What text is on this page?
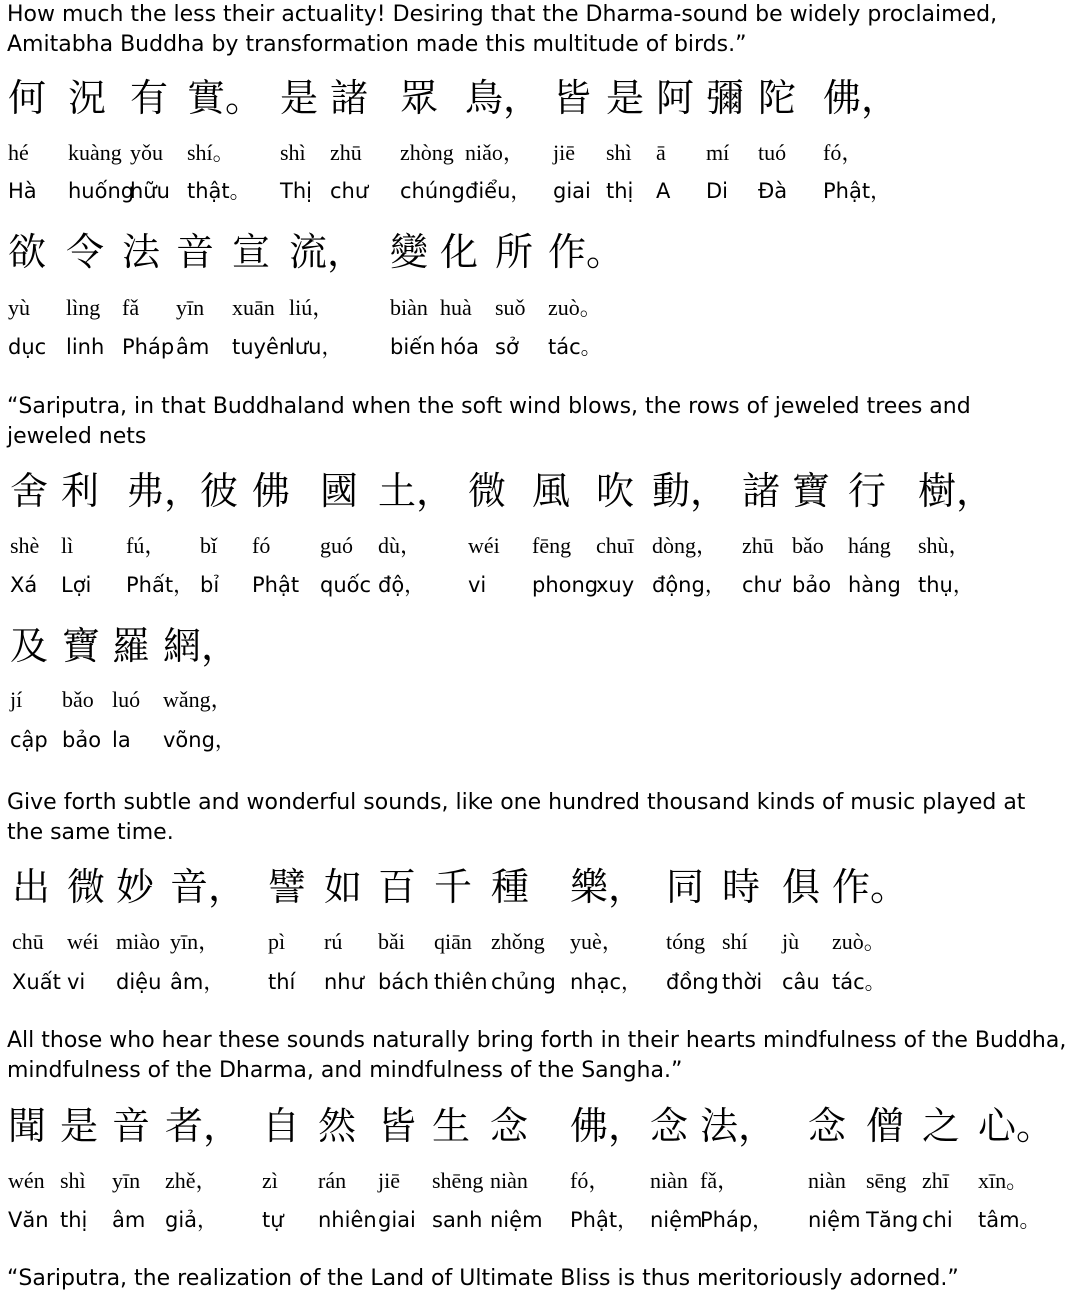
How much the less their actuality! Desiring that the Dharma-sound be widely proclaimed,
Amitabha Buddha by transformation made this multitude of birds.”
何 況 有 實。 是 諸 眾 鳥， 皆 是 阿 彌 陀 佛，
hé kuàng yǒu shí。 shì zhū zhòng niǎo， jiē shì ā mí tuó fó，
Hà huống
hữu thật。 Thị chư chúng điểu， giai thị A Di Đà Phật，
欲 令 法 音 宣 流， 變 化 所 作。
yù lìng fǎ yīn xuān liú，	biàn huà suǒ zuò。
dục linh Pháp âm tuyên
lưu， biến hóa sở tác。
“Sariputra, in that Buddhaland when the soft wind blows, the rows of jeweled trees and
jeweled nets
舍 利 弗，
彼 佛 國 土， 微 風 吹 動， 諸 寶 行 樹，
shè lì fú， bǐ fó guó dù， wéi fēng chuī dòng， zhū bǎo háng shù，
Xá Lợi Phất， bỉ Phật quốc độ， vi phong
xuy động， chư bảo hàng thụ，
及 寶 羅 網，
jí bǎo luó wǎng，
cập bảo la võng，
Give forth subtle and wonderful sounds, like one hundred thousand kinds of music played at
the same time.
出 微 妙 音， 譬 如 百 千 種 樂， 同 時 俱 作。
chū wéi miào yīn， pì rú bǎi qiān zhǒng yuè， tóng shí jù zuò。
Xuất vi diệu âm， thí như bách thiên chủng nhạc， đồng thời câu tác。
All those who hear these sounds naturally bring forth in their hearts mindfulness of the Buddha,
mindfulness of the Dharma, and mindfulness of the Sangha.”
聞 是 音 者， 自 然 皆 生 念 佛， 念 法， 念 僧 之 心。
wén shì yīn zhě， zì rán jiē shēng niàn fó， niàn fǎ，	niàn sēng zhī xīn。
Văn thị âm giả， tự nhiên giai sanh niệm Phật， niệm
Pháp， niệm Tăng chi tâm。
“Sariputra, the realization of the Land of Ultimate Bliss is thus meritoriously adorned.”
